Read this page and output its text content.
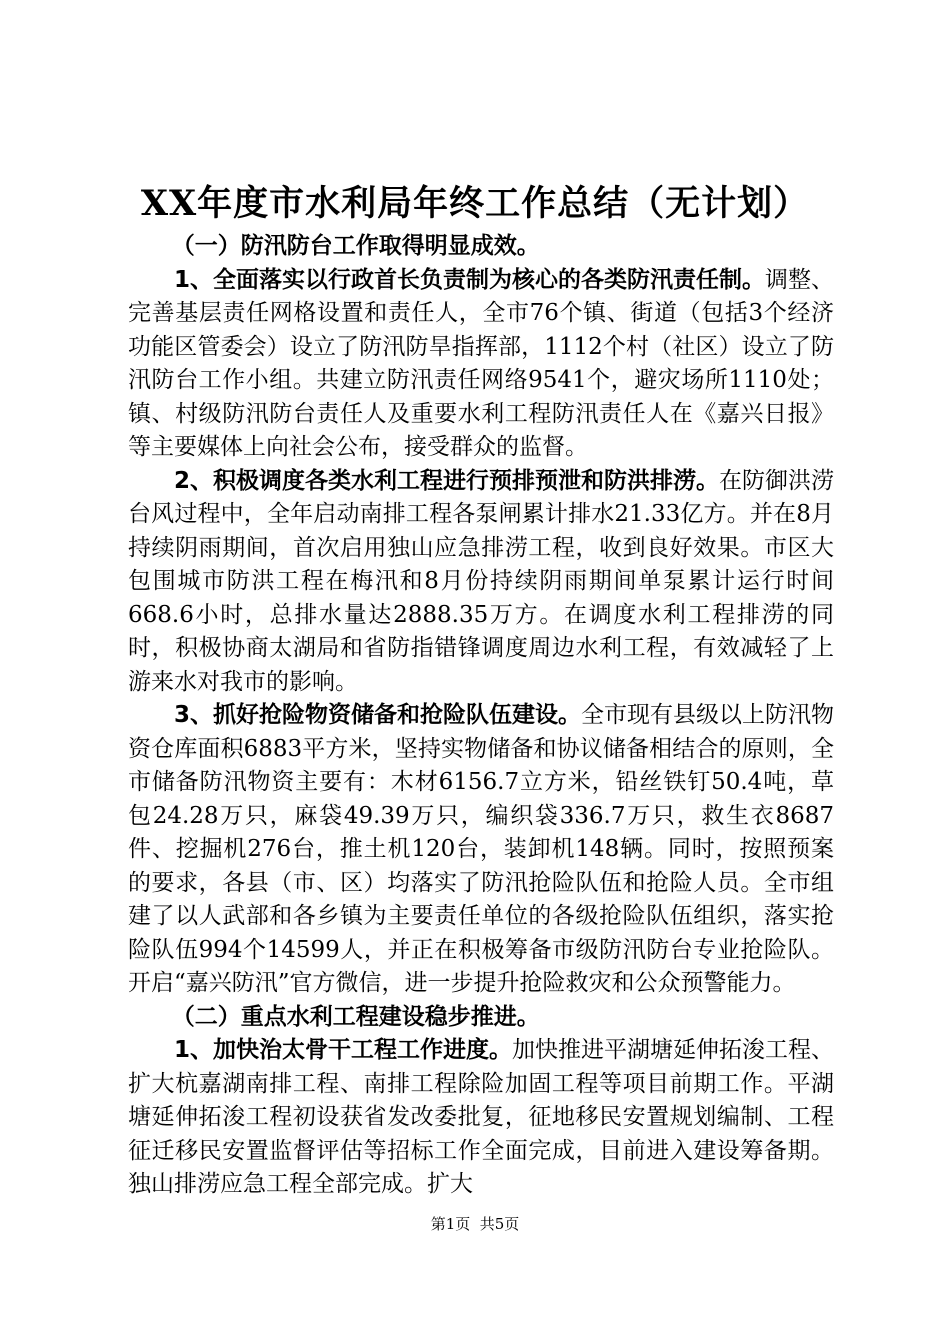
XX年度市水利局年终工作总结（无计划）

（一）防汛防台工作取得明显成效。

1、全面落实以行政首长负责制为核心的各类防汛责任制。调整、完善基层责任网格设置和责任人，全市76个镇、街道（包括3个经济功能区管委会）设立了防汛防旱指挥部，1112个村（社区）设立了防汛防台工作小组。共建立防汛责任网络9541个，避灾场所1110处；镇、村级防汛防台责任人及重要水利工程防汛责任人在《嘉兴日报》等主要媒体上向社会公布，接受群众的监督。

2、积极调度各类水利工程进行预排预泄和防洪排涝。在防御洪涝台风过程中，全年启动南排工程各泵闸累计排水21.33亿方。并在8月持续阴雨期间，首次启用独山应急排涝工程，收到良好效果。市区大包围城市防洪工程在梅汛和8月份持续阴雨期间单泵累计运行时间668.6小时，总排水量达2888.35万方。在调度水利工程排涝的同时，积极协商太湖局和省防指错锋调度周边水利工程，有效减轻了上游来水对我市的影响。

3、抓好抢险物资储备和抢险队伍建设。全市现有县级以上防汛物资仓库面积6883平方米，坚持实物储备和协议储备相结合的原则，全市储备防汛物资主要有：木材6156.7立方米，铅丝铁钉50.4吨，草包24.28万只，麻袋49.39万只，编织袋336.7万只，救生衣8687件、挖掘机276台，推土机120台，装卸机148辆。同时，按照预案的要求，各县（市、区）均落实了防汛抢险队伍和抢险人员。全市组建了以人武部和各乡镇为主要责任单位的各级抢险队伍组织，落实抢险队伍994个14599人，并正在积极筹备市级防汛防台专业抢险队。开启“嘉兴防汛”官方微信，进一步提升抢险救灾和公众预警能力。

（二）重点水利工程建设稳步推进。

1、加快治太骨干工程工作进度。加快推进平湖塘延伸拓浚工程、扩大杭嘉湖南排工程、南排工程除险加固工程等项目前期工作。平湖塘延伸拓浚工程初设获省发改委批复，征地移民安置规划编制、工程征迁移民安置监督评估等招标工作全面完成，目前进入建设筹备期。独山排涝应急工程全部完成。扩大

第1页  共5页
